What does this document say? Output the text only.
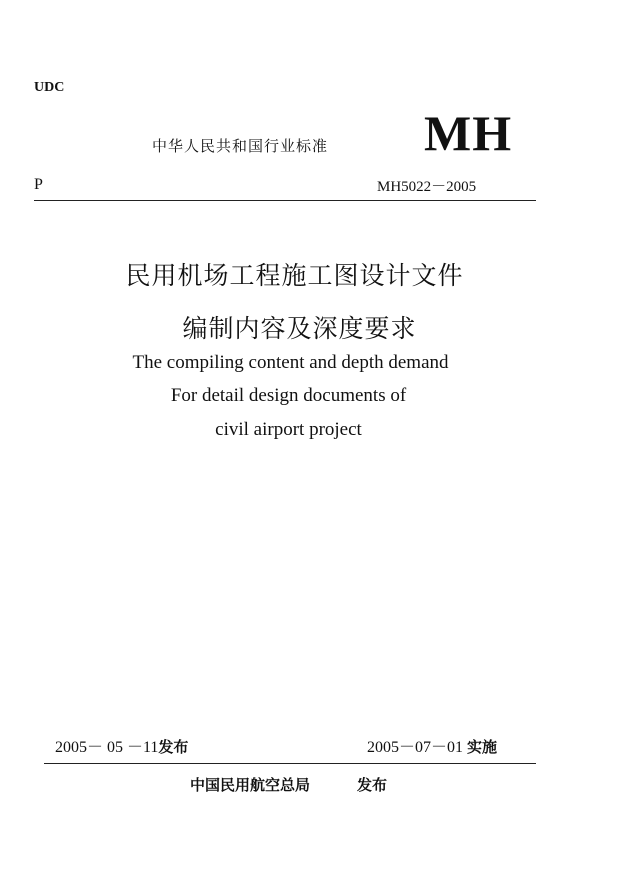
UDC
中华人民共和国行业标准 MH
P	MH5022－2005
民用机场工程施工图设计文件
编制内容及深度要求
The compiling content and depth demand
For detail design documents of
civil airport project
2005－ 05 －11发布	2005－07－01 实施
中国民用航空总局	发布
